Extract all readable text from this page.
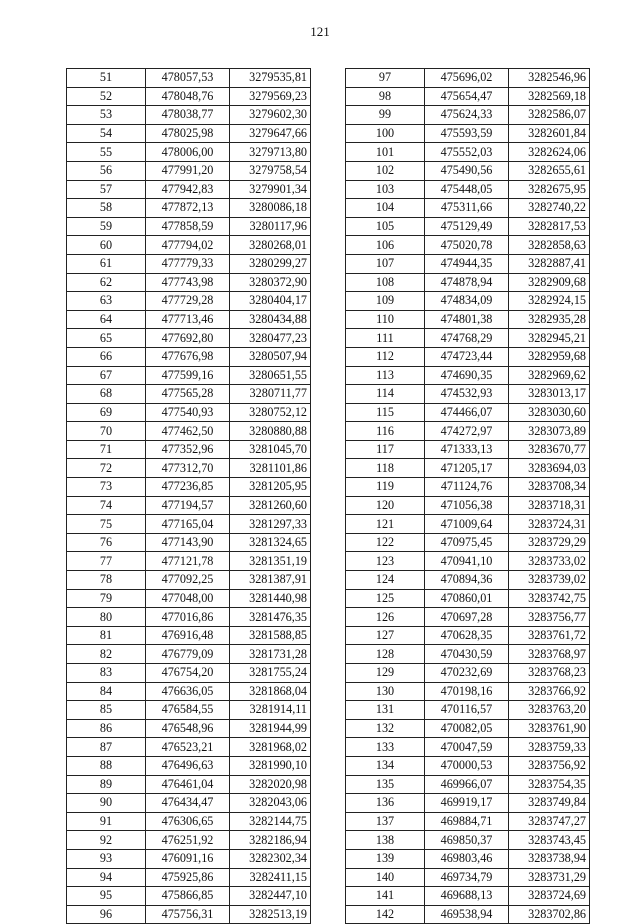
121
51	478057,53	3279535,81
52	478048,76	3279569,23
53	478038,77	3279602,30
54	478025,98	3279647,66
55	478006,00	3279713,80
56	477991,20	3279758,54
57	477942,83	3279901,34
58	477872,13	3280086,18
59	477858,59	3280117,96
60	477794,02	3280268,01
61	477779,33	3280299,27
62	477743,98	3280372,90
63	477729,28	3280404,17
64	477713,46	3280434,88
65	477692,80	3280477,23
66	477676,98	3280507,94
67	477599,16	3280651,55
68	477565,28	3280711,77
69	477540,93	3280752,12
70	477462,50	3280880,88
71	477352,96	3281045,70
72	477312,70	3281101,86
73	477236,85	3281205,95
74	477194,57	3281260,60
75	477165,04	3281297,33
76	477143,90	3281324,65
77	477121,78	3281351,19
78	477092,25	3281387,91
79	477048,00	3281440,98
80	477016,86	3281476,35
81	476916,48	3281588,85
82	476779,09	3281731,28
83	476754,20	3281755,24
84	476636,05	3281868,04
85	476584,55	3281914,11
86	476548,96	3281944,99
87	476523,21	3281968,02
88	476496,63	3281990,10
89	476461,04	3282020,98
90	476434,47	3282043,06
91	476306,65	3282144,75
92	476251,92	3282186,94
93	476091,16	3282302,34
94	475925,86	3282411,15
95	475866,85	3282447,10
96	475756,31	3282513,19
97	475696,02	3282546,96
98	475654,47	3282569,18
99	475624,33	3282586,07
100	475593,59	3282601,84
101	475552,03	3282624,06
102	475490,56	3282655,61
103	475448,05	3282675,95
104	475311,66	3282740,22
105	475129,49	3282817,53
106	475020,78	3282858,63
107	474944,35	3282887,41
108	474878,94	3282909,68
109	474834,09	3282924,15
110	474801,38	3282935,28
111	474768,29	3282945,21
112	474723,44	3282959,68
113	474690,35	3282969,62
114	474532,93	3283013,17
115	474466,07	3283030,60
116	474272,97	3283073,89
117	471333,13	3283670,77
118	471205,17	3283694,03
119	471124,76	3283708,34
120	471056,38	3283718,31
121	471009,64	3283724,31
122	470975,45	3283729,29
123	470941,10	3283733,02
124	470894,36	3283739,02
125	470860,01	3283742,75
126	470697,28	3283756,77
127	470628,35	3283761,72
128	470430,59	3283768,97
129	470232,69	3283768,23
130	470198,16	3283766,92
131	470116,57	3283763,20
132	470082,05	3283761,90
133	470047,59	3283759,33
134	470000,53	3283756,92
135	469966,07	3283754,35
136	469919,17	3283749,84
137	469884,71	3283747,27
138	469850,37	3283743,45
139	469803,46	3283738,94
140	469734,79	3283731,29
141	469688,13	3283724,69
142	469538,94	3283702,86
